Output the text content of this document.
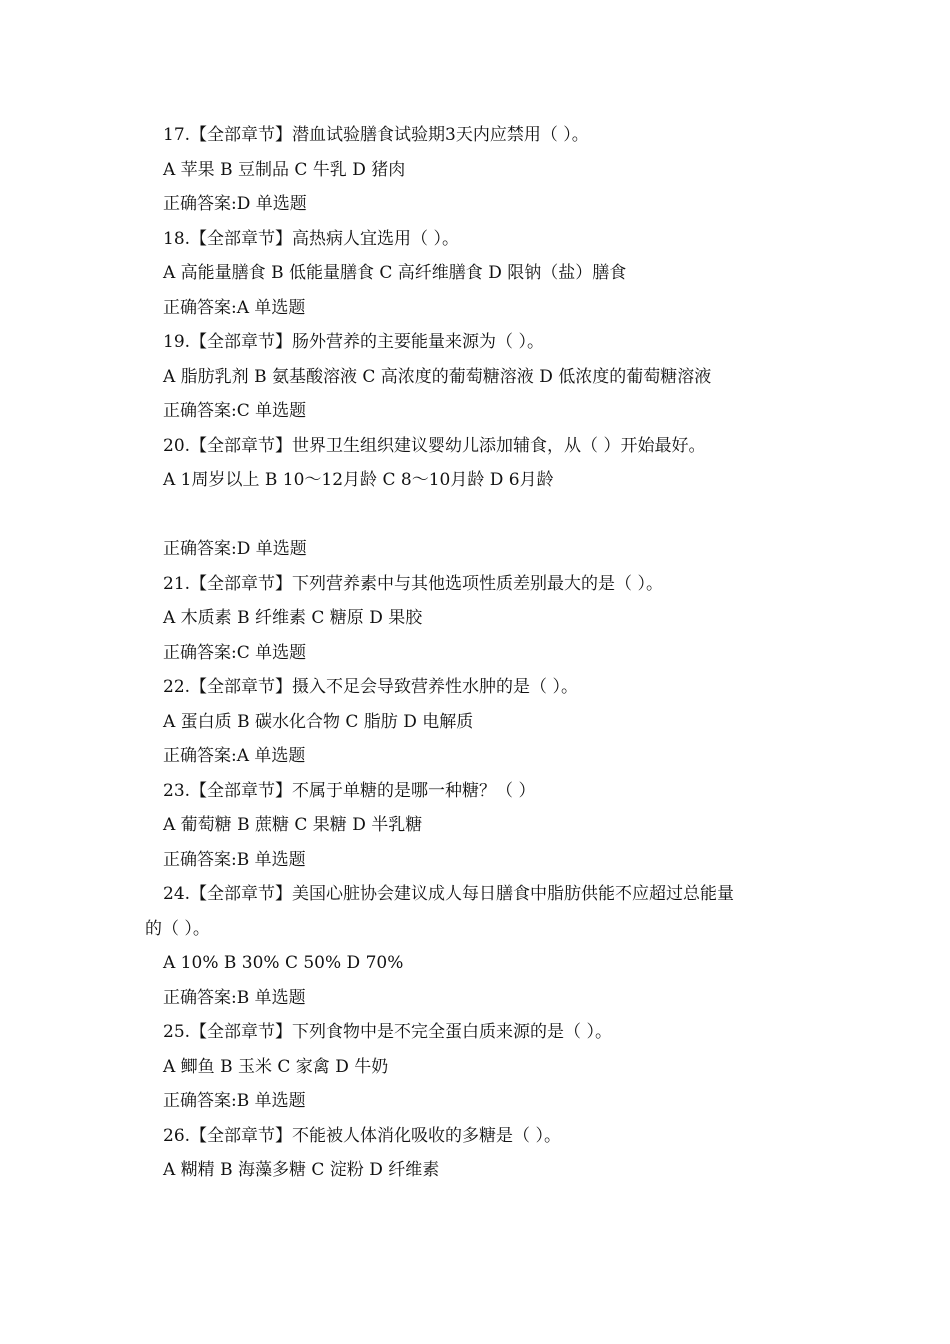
17.【全部章节】潜血试验膳食试验期3天内应禁用（ ）。
A 苹果 B 豆制品 C 牛乳 D 猪肉
正确答案:D 单选题
18.【全部章节】高热病人宜选用（ ）。
A 高能量膳食 B 低能量膳食 C 高纤维膳食 D 限钠（盐）膳食
正确答案:A 单选题
19.【全部章节】肠外营养的主要能量来源为（ ）。
A 脂肪乳剂 B 氨基酸溶液 C 高浓度的葡萄糖溶液 D 低浓度的葡萄糖溶液
正确答案:C 单选题
20.【全部章节】世界卫生组织建议婴幼儿添加辅食，从（ ）开始最好。
A 1周岁以上 B 10～12月龄 C 8～10月龄 D 6月龄
正确答案:D 单选题
21.【全部章节】下列营养素中与其他选项性质差别最大的是（ ）。
A 木质素 B 纤维素 C 糖原 D 果胶
正确答案:C 单选题
22.【全部章节】摄入不足会导致营养性水肿的是（ ）。
A 蛋白质 B 碳水化合物 C 脂肪 D 电解质
正确答案:A 单选题
23.【全部章节】不属于单糖的是哪一种糖？（ ）
A 葡萄糖 B 蔗糖 C 果糖 D 半乳糖
正确答案:B 单选题
24.【全部章节】美国心脏协会建议成人每日膳食中脂肪供能不应超过总能量
的（ ）。
A 10% B 30% C 50% D 70%
正确答案:B 单选题
25.【全部章节】下列食物中是不完全蛋白质来源的是（ ）。
A 鲫鱼 B 玉米 C 家禽 D 牛奶
正确答案:B 单选题
26.【全部章节】不能被人体消化吸收的多糖是（ ）。
A 糊精 B 海藻多糖 C 淀粉 D 纤维素
